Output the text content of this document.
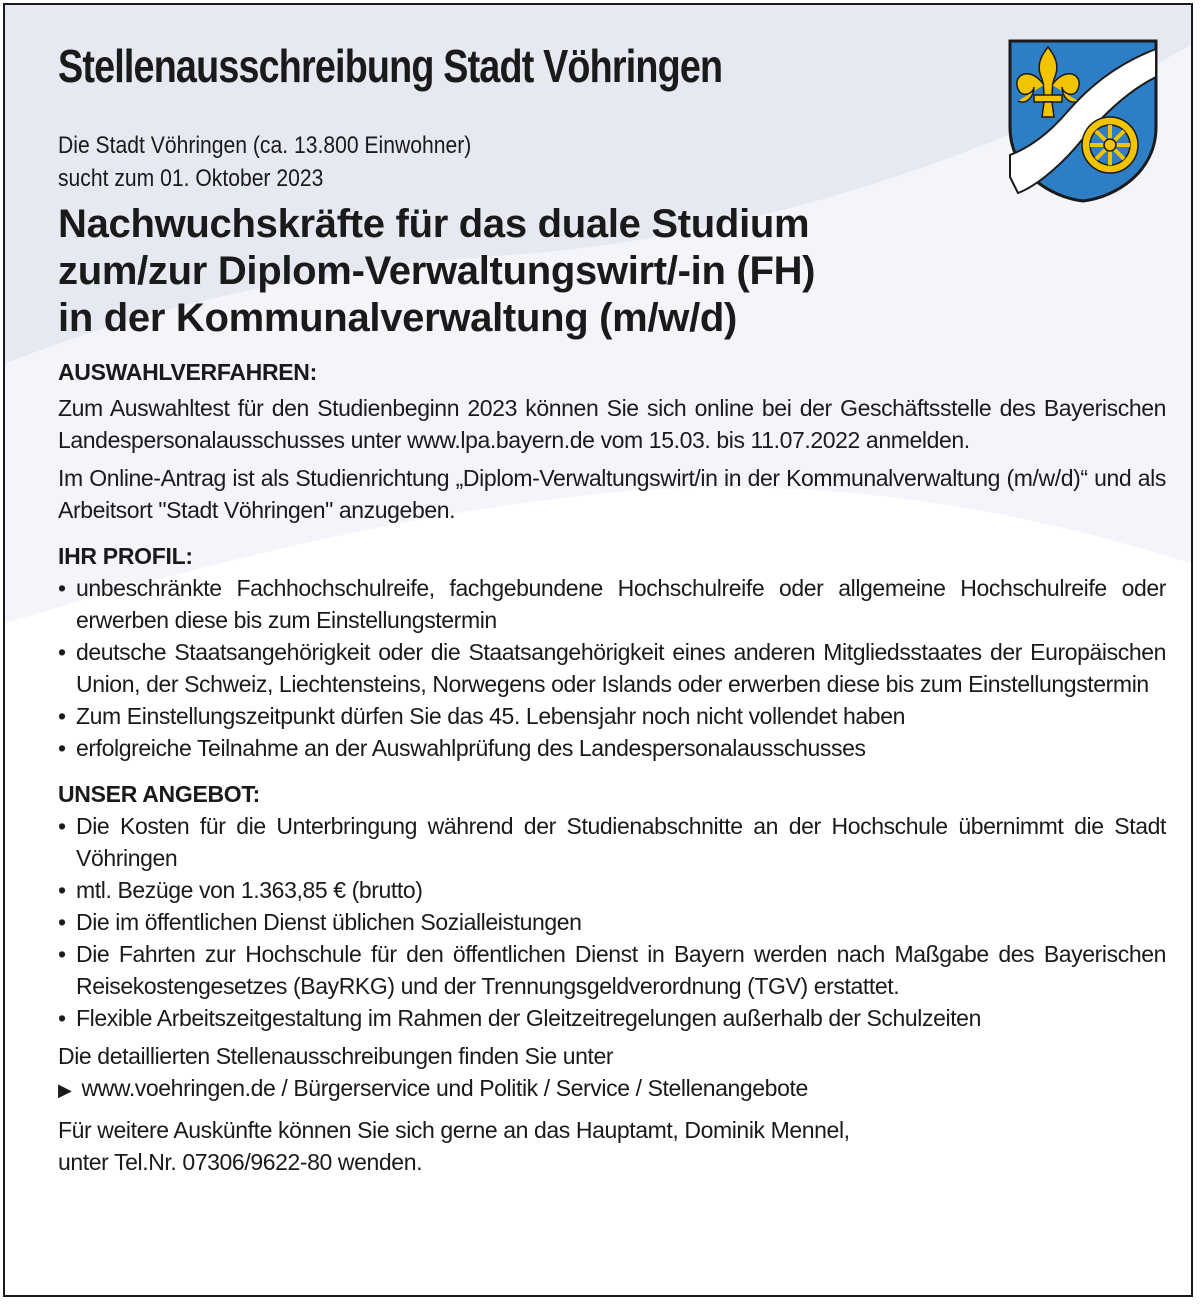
Stellenausschreibung Stadt Vöhringen
Die Stadt Vöhringen (ca. 13.800 Einwohner)
sucht zum 01. Oktober 2023
Nachwuchskräfte für das duale Studium
zum/zur Diplom-Verwaltungswirt/-in (FH)
in der Kommunalverwaltung (m/w/d)
AUSWAHLVERFAHREN:
Zum Auswahltest für den Studienbeginn 2023 können Sie sich online bei der Geschäftsstelle des Bayerischen Landespersonalausschusses unter www.lpa.bayern.de vom 15.03. bis 11.07.2022 anmelden.
Im Online-Antrag ist als Studienrichtung „Diplom-Verwaltungswirt/in in der Kommunalverwaltung (m/w/d)“ und als Arbeitsort "Stadt Vöhringen" anzugeben.
IHR PROFIL:
• unbeschränkte Fachhochschulreife, fachgebundene Hochschulreife oder allgemeine Hochschulreife oder erwerben diese bis zum Einstellungstermin
• deutsche Staatsangehörigkeit oder die Staatsangehörigkeit eines anderen Mitgliedsstaates der Europäischen Union, der Schweiz, Liechtensteins, Norwegens oder Islands oder erwerben diese bis zum Einstellungstermin
• Zum Einstellungszeitpunkt dürfen Sie das 45. Lebensjahr noch nicht vollendet haben
• erfolgreiche Teilnahme an der Auswahlprüfung des Landespersonalausschusses
UNSER ANGEBOT:
• Die Kosten für die Unterbringung während der Studienabschnitte an der Hochschule übernimmt die Stadt Vöhringen
• mtl. Bezüge von 1.363,85 € (brutto)
• Die im öffentlichen Dienst üblichen Sozialleistungen
• Die Fahrten zur Hochschule für den öffentlichen Dienst in Bayern werden nach Maßgabe des Bayerischen Reisekostengesetzes (BayRKG) und der Trennungsgeldverordnung (TGV) erstattet.
• Flexible Arbeitszeitgestaltung im Rahmen der Gleitzeitregelungen außerhalb der Schulzeiten
Die detaillierten Stellenausschreibungen finden Sie unter
▶ www.voehringen.de / Bürgerservice und Politik / Service / Stellenangebote
Für weitere Auskünfte können Sie sich gerne an das Hauptamt, Dominik Mennel,
unter Tel.Nr. 07306/9622-80 wenden.
